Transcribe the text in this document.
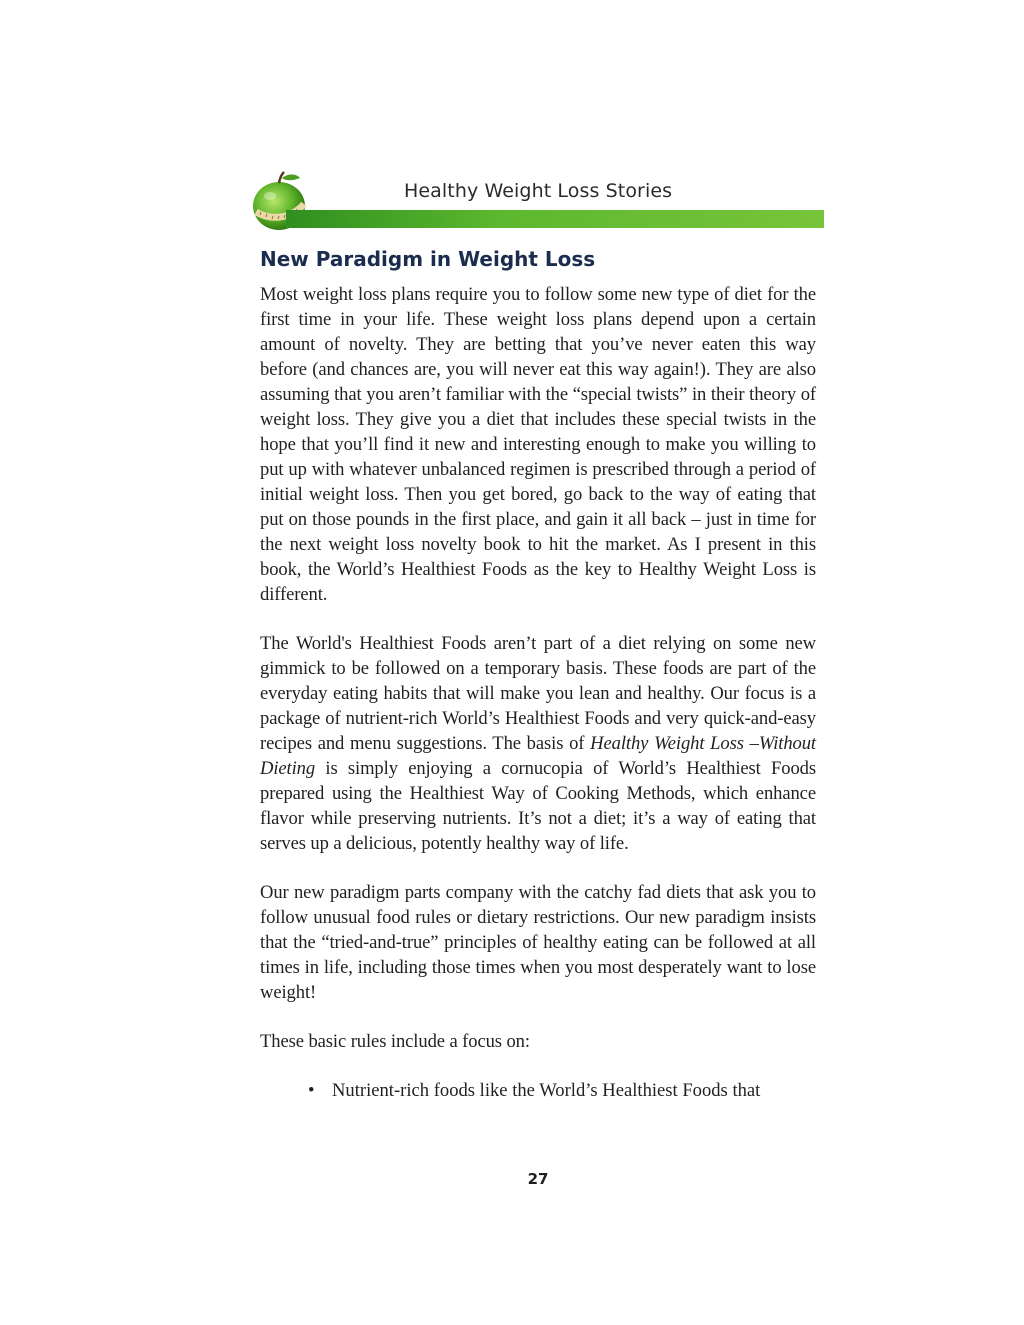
Healthy Weight Loss Stories
New Paradigm in Weight Loss

Most weight loss plans require you to follow some new type of diet for the first time in your life. These weight loss plans depend upon a certain amount of novelty. They are betting that you’ve never eaten this way before (and chances are, you will never eat this way again!). They are also assuming that you aren’t familiar with the “special twists” in their theory of weight loss. They give you a diet that includes these special twists in the hope that you’ll find it new and interesting enough to make you willing to put up with whatever unbalanced regimen is prescribed through a period of initial weight loss. Then you get bored, go back to the way of eating that put on those pounds in the first place, and gain it all back – just in time for the next weight loss novelty book to hit the market. As I present in this book, the World’s Healthiest Foods as the key to Healthy Weight Loss is different.

The World's Healthiest Foods aren’t part of a diet relying on some new gimmick to be followed on a temporary basis. These foods are part of the everyday eating habits that will make you lean and healthy. Our focus is a package of nutrient-rich World’s Healthiest Foods and very quick-and-easy recipes and menu suggestions. The basis of Healthy Weight Loss –Without Dieting is simply enjoying a cornucopia of World’s Healthiest Foods prepared using the Healthiest Way of Cooking Methods, which enhance flavor while preserving nutrients. It’s not a diet; it’s a way of eating that serves up a delicious, potently healthy way of life.

Our new paradigm parts company with the catchy fad diets that ask you to follow unusual food rules or dietary restrictions. Our new paradigm insists that the “tried-and-true” principles of healthy eating can be followed at all times in life, including those times when you most desperately want to lose weight!

These basic rules include a focus on:

• Nutrient-rich foods like the World’s Healthiest Foods that
27
